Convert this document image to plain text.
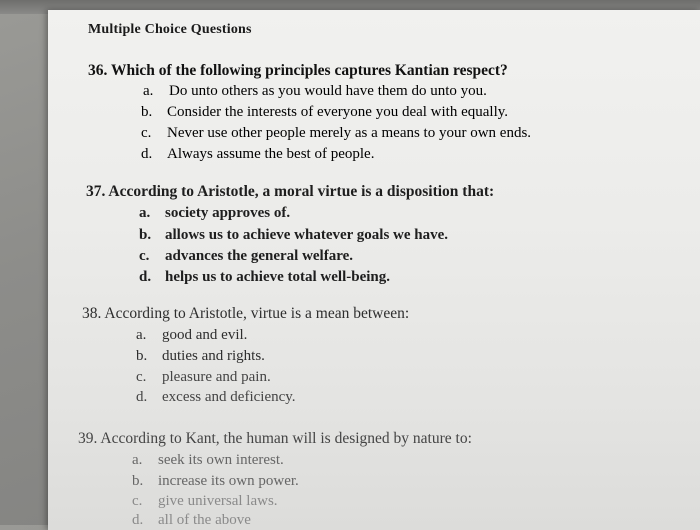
Multiple Choice Questions
36. Which of the following principles captures Kantian respect?
a. Do unto others as you would have them do unto you.
b. Consider the interests of everyone you deal with equally.
c. Never use other people merely as a means to your own ends.
d. Always assume the best of people.
37. According to Aristotle, a moral virtue is a disposition that:
a. society approves of.
b. allows us to achieve whatever goals we have.
c. advances the general welfare.
d. helps us to achieve total well-being.
38. According to Aristotle, virtue is a mean between:
a. good and evil.
b. duties and rights.
c. pleasure and pain.
d. excess and deficiency.
39. According to Kant, the human will is designed by nature to:
a. seek its own interest.
b. increase its own power.
c. give universal laws.
d. all of the above
